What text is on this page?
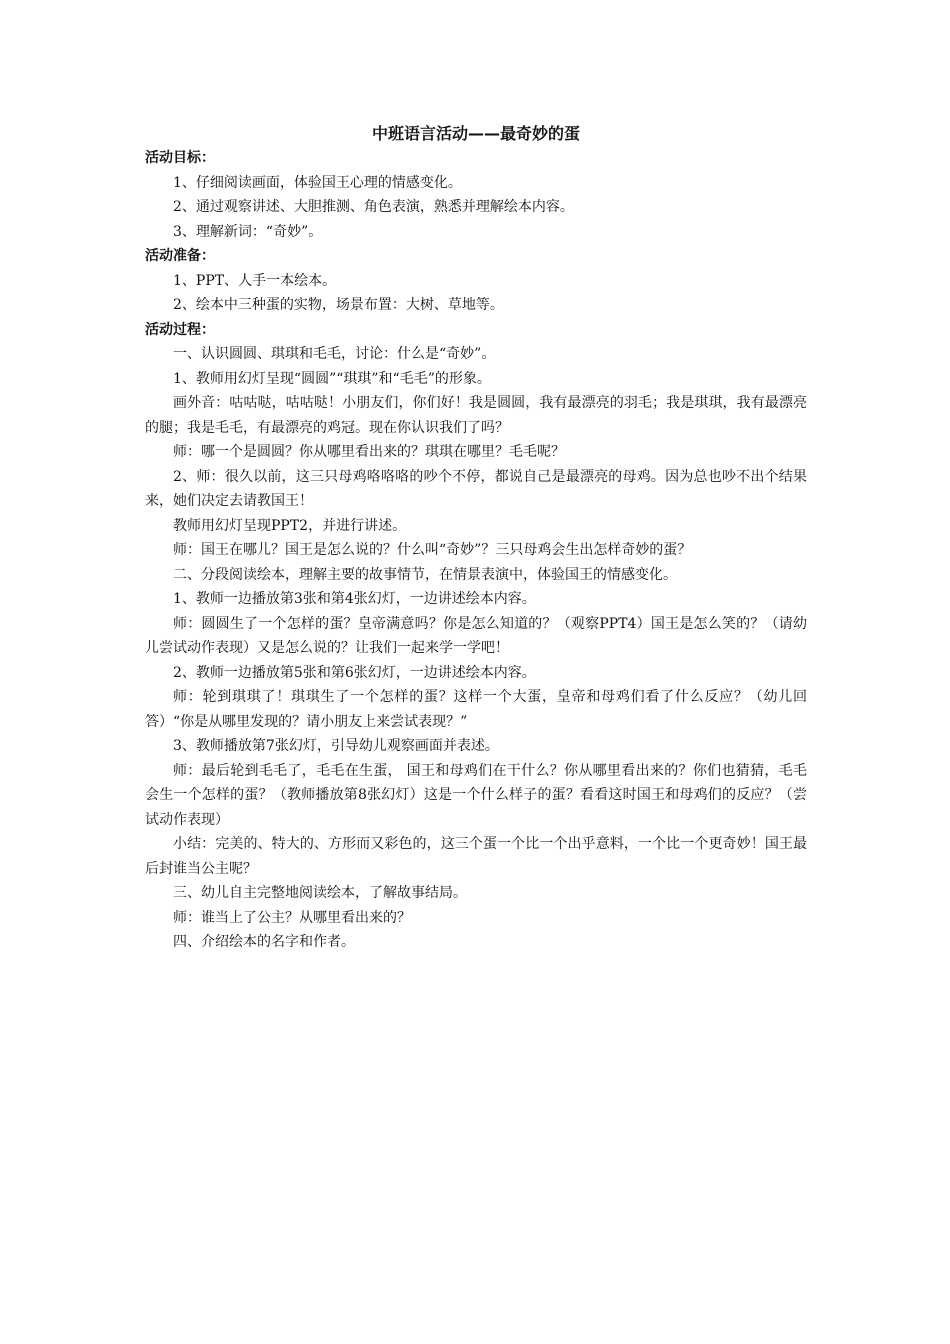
中班语言活动——最奇妙的蛋

活动目标：

1、仔细阅读画面，体验国王心理的情感变化。

2、通过观察讲述、大胆推测、角色表演，熟悉并理解绘本内容。

3、理解新词：“奇妙”。

活动准备：

1、PPT、人手一本绘本。

2、绘本中三种蛋的实物，场景布置：大树、草地等。

活动过程：

一、认识圆圆、琪琪和毛毛，讨论：什么是“奇妙”。

1、教师用幻灯呈现“圆圆”“琪琪”和“毛毛”的形象。

画外音：咕咕哒，咕咕哒！小朋友们，你们好！我是圆圆，我有最漂亮的羽毛；我是琪琪，我有最漂亮的腿；我是毛毛，有最漂亮的鸡冠。现在你认识我们了吗？

师：哪一个是圆圆？你从哪里看出来的？琪琪在哪里？毛毛呢？

2、师：很久以前，这三只母鸡咯咯咯的吵个不停，都说自己是最漂亮的母鸡。因为总也吵不出个结果来，她们决定去请教国王！

教师用幻灯呈现PPT2，并进行讲述。

师：国王在哪儿？国王是怎么说的？什么叫“奇妙”？三只母鸡会生出怎样奇妙的蛋？

二、分段阅读绘本，理解主要的故事情节，在情景表演中，体验国王的情感变化。

1、教师一边播放第3张和第4张幻灯，一边讲述绘本内容。

师：圆圆生了一个怎样的蛋？皇帝满意吗？你是怎么知道的？（观察PPT4）国王是怎么笑的？（请幼儿尝试动作表现）又是怎么说的？让我们一起来学一学吧！

2、教师一边播放第5张和第6张幻灯，一边讲述绘本内容。

师：轮到琪琪了！琪琪生了一个怎样的蛋？这样一个大蛋，皇帝和母鸡们看了什么反应？（幼儿回答）“你是从哪里发现的？请小朋友上来尝试表现？”

3、教师播放第7张幻灯，引导幼儿观察画面并表述。

师：最后轮到毛毛了，毛毛在生蛋， 国王和母鸡们在干什么？你从哪里看出来的？你们也猜猜，毛毛会生一个怎样的蛋？（教师播放第8张幻灯）这是一个什么样子的蛋？看看这时国王和母鸡们的反应？（尝试动作表现）

小结：完美的、特大的、方形而又彩色的，这三个蛋一个比一个出乎意料，一个比一个更奇妙！国王最后封谁当公主呢？

三、幼儿自主完整地阅读绘本，了解故事结局。

师：谁当上了公主？从哪里看出来的？

四、介绍绘本的名字和作者。
